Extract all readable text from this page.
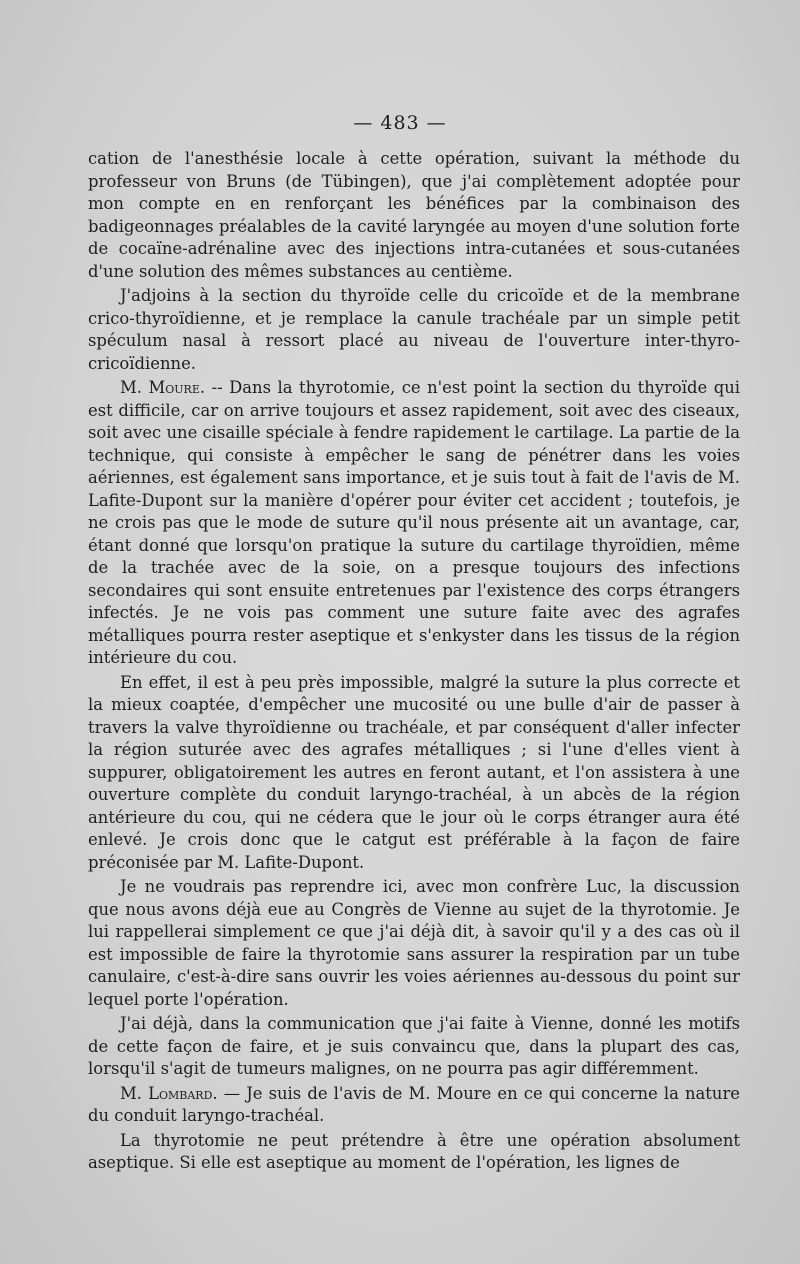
— 483 —

cation de l'anesthésie locale à cette opération, suivant la méthode du professeur von Bruns (de Tübingen), que j'ai complètement adoptée pour mon compte en en renforçant les bénéfices par la combinaison des badigeonnages préalables de la cavité laryngée au moyen d'une solution forte de cocaïne-adrénaline avec des injections intra-cutanées et sous-cutanées d'une solution des mêmes substances au centième.

J'adjoins à la section du thyroïde celle du cricoïde et de la membrane crico-thyroïdienne, et je remplace la canule trachéale par un simple petit spéculum nasal à ressort placé au niveau de l'ouverture inter-thyro-cricoïdienne.

M. Moure. -- Dans la thyrotomie, ce n'est point la section du thyroïde qui est difficile, car on arrive toujours et assez rapidement, soit avec des ciseaux, soit avec une cisaille spéciale à fendre rapidement le cartilage. La partie de la technique, qui consiste à empêcher le sang de pénétrer dans les voies aériennes, est également sans importance, et je suis tout à fait de l'avis de M. Lafite-Dupont sur la manière d'opérer pour éviter cet accident ; toutefois, je ne crois pas que le mode de suture qu'il nous présente ait un avantage, car, étant donné que lorsqu'on pratique la suture du cartilage thyroïdien, même de la trachée avec de la soie, on a presque toujours des infections secondaires qui sont ensuite entretenues par l'existence des corps étrangers infectés. Je ne vois pas comment une suture faite avec des agrafes métalliques pourra rester aseptique et s'enkyster dans les tissus de la région intérieure du cou.

En effet, il est à peu près impossible, malgré la suture la plus correcte et la mieux coaptée, d'empêcher une mucosité ou une bulle d'air de passer à travers la valve thyroïdienne ou trachéale, et par conséquent d'aller infecter la région suturée avec des agrafes métalliques ; si l'une d'elles vient à suppurer, obligatoirement les autres en feront autant, et l'on assistera à une ouverture complète du conduit laryngo-trachéal, à un abcès de la région antérieure du cou, qui ne cédera que le jour où le corps étranger aura été enlevé. Je crois donc que le catgut est préférable à la façon de faire préconisée par M. Lafite-Dupont.

Je ne voudrais pas reprendre ici, avec mon confrère Luc, la discussion que nous avons déjà eue au Congrès de Vienne au sujet de la thyrotomie. Je lui rappellerai simplement ce que j'ai déjà dit, à savoir qu'il y a des cas où il est impossible de faire la thyrotomie sans assurer la respiration par un tube canulaire, c'est-à-dire sans ouvrir les voies aériennes au-dessous du point sur lequel porte l'opération.

J'ai déjà, dans la communication que j'ai faite à Vienne, donné les motifs de cette façon de faire, et je suis convaincu que, dans la plupart des cas, lorsqu'il s'agit de tumeurs malignes, on ne pourra pas agir différemment.

M. Lombard. — Je suis de l'avis de M. Moure en ce qui concerne la nature du conduit laryngo-trachéal.

La thyrotomie ne peut prétendre à être une opération absolument aseptique. Si elle est aseptique au moment de l'opération, les lignes de
